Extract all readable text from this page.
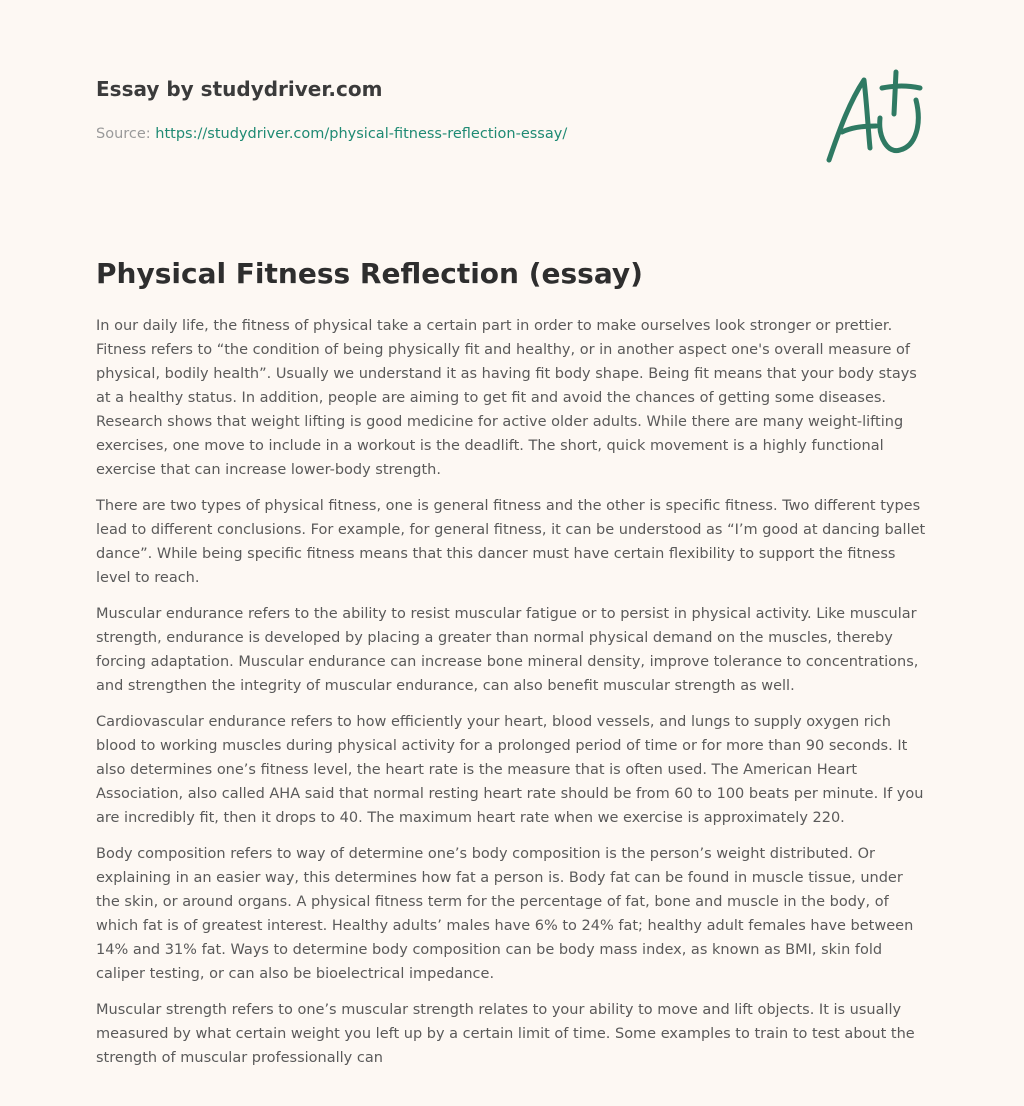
Essay by studydriver.com
Source: https://studydriver.com/physical-fitness-reflection-essay/
Physical Fitness Reflection (essay)

In our daily life, the fitness of physical take a certain part in order to make ourselves look stronger or prettier. Fitness refers to “the condition of being physically fit and healthy, or in another aspect one's overall measure of physical, bodily health”. Usually we understand it as having fit body shape. Being fit means that your body stays at a healthy status. In addition, people are aiming to get fit and avoid the chances of getting some diseases. Research shows that weight lifting is good medicine for active older adults. While there are many weight-lifting exercises, one move to include in a workout is the deadlift. The short, quick movement is a highly functional exercise that can increase lower-body strength.

There are two types of physical fitness, one is general fitness and the other is specific fitness. Two different types lead to different conclusions. For example, for general fitness, it can be understood as “I’m good at dancing ballet dance”. While being specific fitness means that this dancer must have certain flexibility to support the fitness level to reach.

Muscular endurance refers to the ability to resist muscular fatigue or to persist in physical activity. Like muscular strength, endurance is developed by placing a greater than normal physical demand on the muscles, thereby forcing adaptation. Muscular endurance can increase bone mineral density, improve tolerance to concentrations, and strengthen the integrity of muscular endurance, can also benefit muscular strength as well.

Cardiovascular endurance refers to how efficiently your heart, blood vessels, and lungs to supply oxygen rich blood to working muscles during physical activity for a prolonged period of time or for more than 90 seconds. It also determines one’s fitness level, the heart rate is the measure that is often used. The American Heart Association, also called AHA said that normal resting heart rate should be from 60 to 100 beats per minute. If you are incredibly fit, then it drops to 40. The maximum heart rate when we exercise is approximately 220.

Body composition refers to way of determine one’s body composition is the person’s weight distributed. Or explaining in an easier way, this determines how fat a person is. Body fat can be found in muscle tissue, under the skin, or around organs. A physical fitness term for the percentage of fat, bone and muscle in the body, of which fat is of greatest interest. Healthy adults’ males have 6% to 24% fat; healthy adult females have between 14% and 31% fat. Ways to determine body composition can be body mass index, as known as BMI, skin fold caliper testing, or can also be bioelectrical impedance.

Muscular strength refers to one’s muscular strength relates to your ability to move and lift objects. It is usually measured by what certain weight you left up by a certain limit of time. Some examples to train to test about the strength of muscular professionally can
